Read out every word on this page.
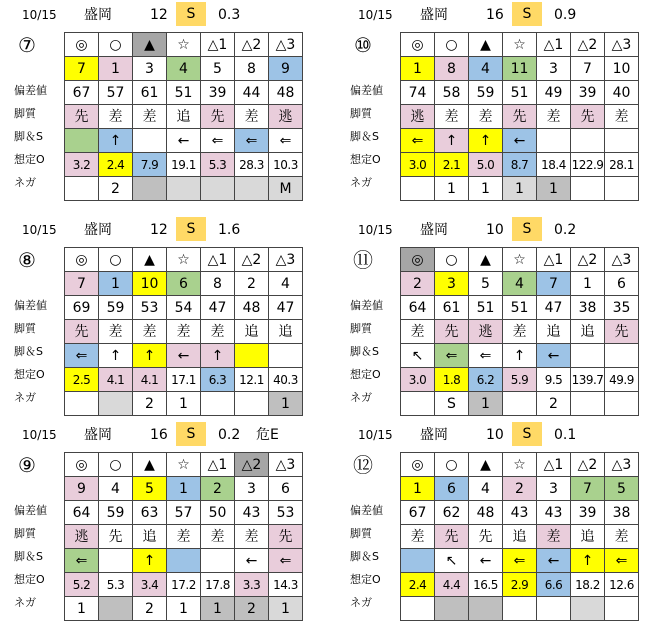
10/15 盛岡	12	S	0.3
⑦
偏差値
脚質
脚＆S
想定O
ネガ
◎	○	▲	☆	△1	△2	△3
7	1	3	4	5	8	9
67	57	61	51	39	44	48
先	差	差	追	先	差	逃
	↑		←	⇐	⇐	⇐
3.2	2.4	7.9	19.1	5.3	28.3	10.3
	2					M
10/15 盛岡	16	S	0.9
⑩
偏差値
脚質
脚＆S
想定O
ネガ
◎	○	▲	☆	△1	△2	△3
1	8	4	11	3	7	10
74	58	59	51	49	39	40
逃	差	差	先	差	先	差
⇐	↑	↑	←			
3.0	2.1	5.0	8.7	18.4	122.9	28.1
	1	1	1	1		
10/15 盛岡	12	S	1.6
⑧
偏差値
脚質
脚＆S
想定O
ネガ
◎	○	▲	☆	△1	△2	△3
7	1	10	6	8	2	4
69	59	53	54	47	48	47
先	差	差	差	差	追	追
⇐	↑	↑	←	↑		
2.5	4.1	4.1	17.1	6.3	12.1	40.3
		2	1			1
10/15 盛岡	10	S	0.2
⑪
偏差値
脚質
脚＆S
想定O
ネガ
◎	○	▲	☆	△1	△2	△3
2	3	5	4	7	1	6
64	61	51	51	47	38	35
差	先	逃	差	追	追	先
↖	⇐	⇐	↑	←		
3.0	1.8	6.2	5.9	9.5	139.7	49.9
	S	1		2		
10/15 盛岡	16	S	0.2 危E
⑨
偏差値
脚質
脚＆S
想定O
ネガ
◎	○	▲	☆	△1	△2	△3
9	4	5	1	2	3	6
64	59	63	57	50	43	53
逃	先	追	差	差	差	先
⇐		↑			←	⇐
5.2	5.3	3.4	17.2	17.8	3.3	14.3
1		2	1	1	2	1
10/15 盛岡	10	S	0.1
⑫
偏差値
脚質
脚＆S
想定O
ネガ
◎	○	▲	☆	△1	△2	△3
1	6	4	2	3	7	5
67	62	48	43	43	39	38
差	先	先	追	差	追	差
	↖	←	⇐	←	↑	⇐
2.4	4.4	16.5	2.9	6.6	18.2	12.6
